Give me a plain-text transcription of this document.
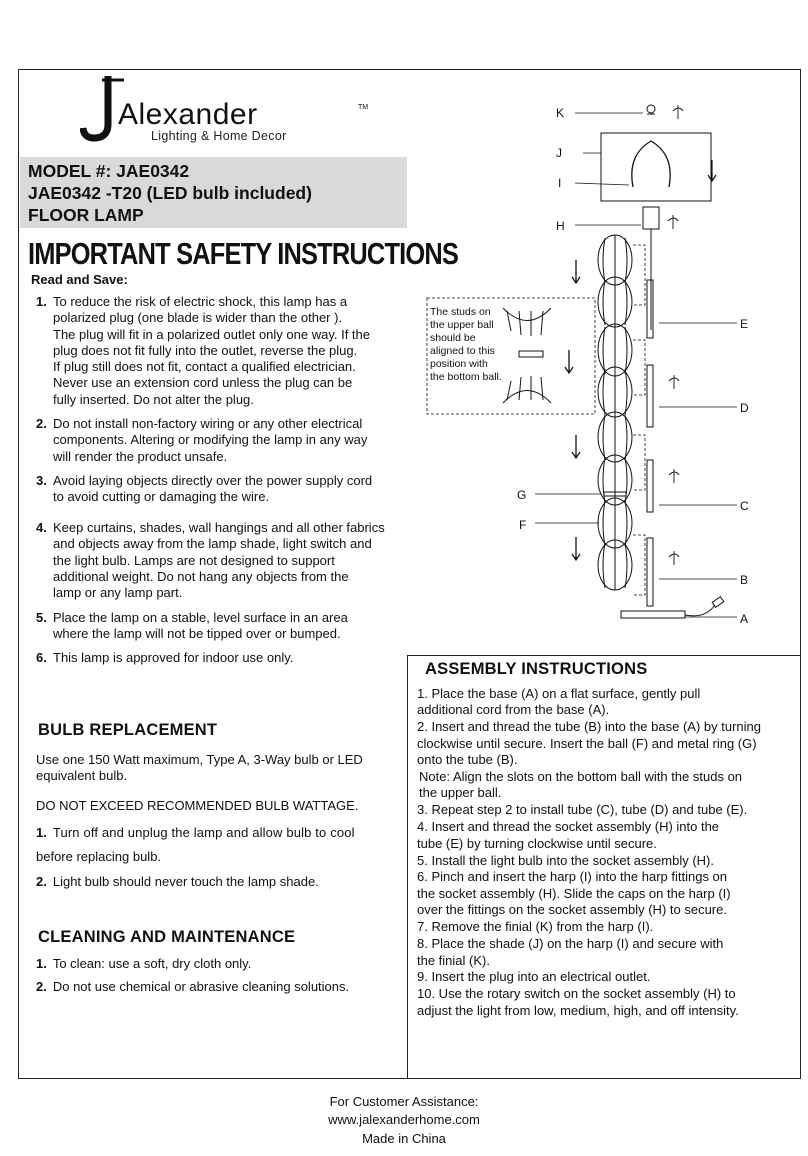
Alexander	TM
Lighting & Home Decor
MODEL #: JAE0342
JAE0342 -T20 (LED bulb included)
FLOOR LAMP
IMPORTANT SAFETY INSTRUCTIONS
Read and Save:
1. To reduce the risk of electric shock, this lamp has a
polarized plug (one blade is wider than the other ).
The plug will fit in a polarized outlet only one way. If the
plug does not fit fully into the outlet, reverse the plug.
If plug still does not fit, contact a qualified electrician.
Never use an extension cord unless the plug can be
fully inserted. Do not alter the plug.
2. Do not install non-factory wiring or any other electrical
components. Altering or modifying the lamp in any way
will render the product unsafe.
3. Avoid laying objects directly over the power supply cord
to avoid cutting or damaging the wire.
4. Keep curtains, shades, wall hangings and all other fabrics
and objects away from the lamp shade, light switch and
the light bulb. Lamps are not designed to support
additional weight. Do not hang any objects from the
lamp or any lamp part.
5. Place the lamp on a stable, level surface in an area
where the lamp will not be tipped over or bumped.
6. This lamp is approved for indoor use only.
BULB REPLACEMENT
Use one 150 Watt maximum, Type A, 3-Way bulb or LED
equivalent bulb.
DO NOT EXCEED RECOMMENDED BULB WATTAGE.
1. Turn off and unplug the lamp and allow bulb to cool
before replacing bulb.
2. Light bulb should never touch the lamp shade.
CLEANING AND MAINTENANCE
1. To clean: use a soft, dry cloth only.
2. Do not use chemical or abrasive cleaning solutions.
ASSEMBLY INSTRUCTIONS

1. Place the base (A) on a flat surface, gently pull
additional cord from the base (A).

2. Insert and thread the tube (B) into the base (A) by turning
clockwise until secure. Insert the ball (F) and metal ring (G)
onto the tube (B).

Note: Align the slots on the bottom ball with the studs on
the upper ball.

3. Repeat step 2 to install tube (C), tube (D) and tube (E).

4. Insert and thread the socket assembly (H) into the
tube (E) by turning clockwise until secure.

5. Install the light bulb into the socket assembly (H).

6. Pinch and insert the harp (I) into the harp fittings on
the socket assembly (H). Slide the caps on the harp (I)
over the fittings on the socket assembly (H) to secure.

7. Remove the finial (K) from the harp (I).

8. Place the shade (J) on the harp (I) and secure with
the finial (K).

9. Insert the plug into an electrical outlet.

10. Use the rotary switch on the socket assembly (H) to
adjust the light from low, medium, high, and off intensity.

K
J
I
H
E
D
C
G
F
B
A
The studs on
the upper ball
should be
aligned to this
position with
the bottom ball.
For Customer Assistance:
www.jalexanderhome.com
Made in China
